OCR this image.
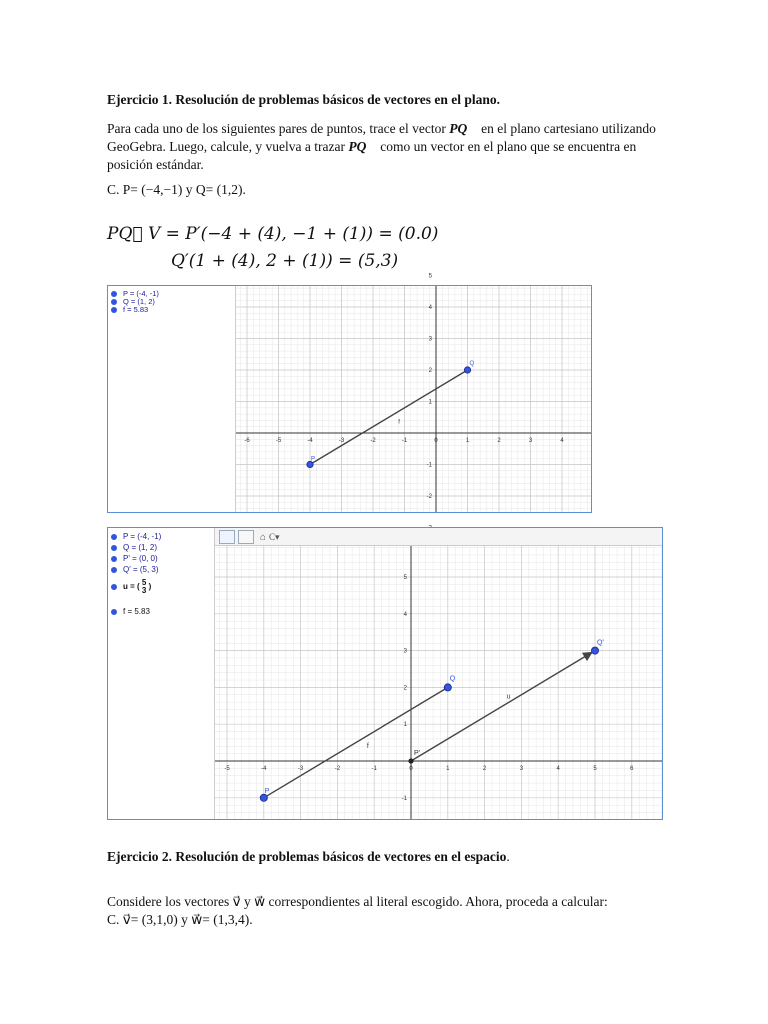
Ejercicio 1. Resolución de problemas básicos de vectores en el plano.
Para cada uno de los siguientes pares de puntos, trace el vector PQ⃗ en el plano cartesiano utilizando GeoGebra. Luego, calcule, y vuelva a trazar PQ⃗ como un vector en el plano que se encuentra en posición estándar.
C. P= (−4,−1) y Q= (1,2).
PQ⃗ V = P′(−4 + (4), −1 + (1)) = (0.0)
Q′(1 + (4), 2 + (1)) = (5,3)
P = (-4, -1)
Q = (1, 2)
f = 5.83
-6	-5	-4	-3	-2	-1	0	1	2	3	4
5
4
3
2
1
-1
-2
P
Q
f
P = (-4, -1)
Q = (1, 2)
P' = (0, 0)
Q' = (5, 3)
u = ( 5
3 )
f = 5.83
⌂ C▾
-5	-4	-3	-2	-1	0	1	2	3	4	5	6
5
4
3
2
1
-1
P
Q
P'
Q'
f
u
Ejercicio 2. Resolución de problemas básicos de vectores en el espacio.
Considere los vectores v⃗ y w⃗ correspondientes al literal escogido. Ahora, proceda a calcular:
C. v⃗= (3,1,0) y w⃗= (1,3,4).
